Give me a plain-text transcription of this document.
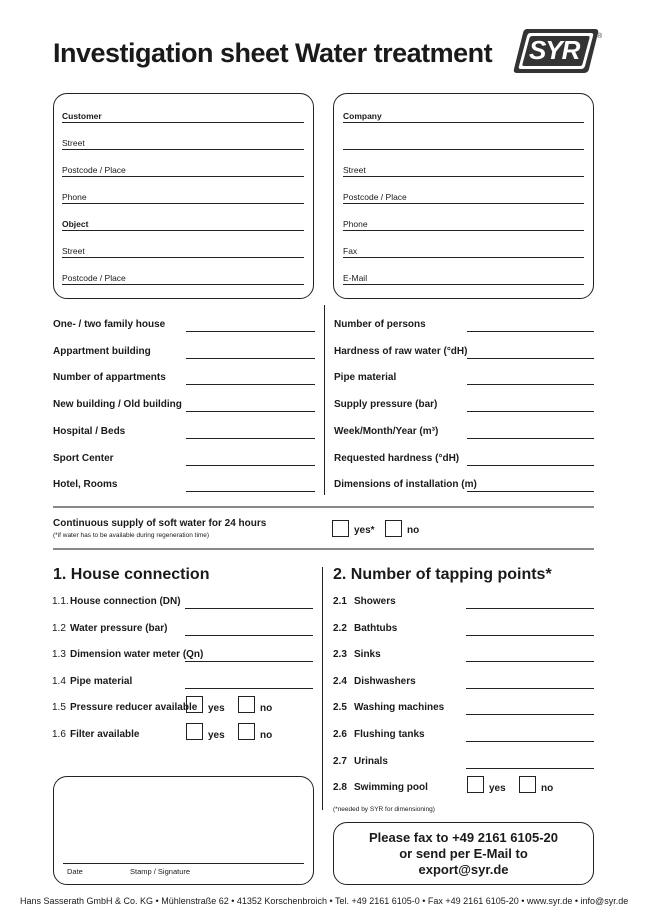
Investigation sheet Water treatment SYR	®
Customer
Street
Postcode / Place
Phone
Object
Street
Postcode / Place
Company
Street
Postcode / Place
Phone
Fax
E-Mail
One- / two family house
Appartment building
Number of appartments
New building / Old building
Hospital / Beds
Sport Center
Hotel, Rooms
Number of persons
Hardness of raw water (°dH)
Pipe material
Supply pressure (bar)
Week/Month/Year (m³)
Requested hardness (°dH)
Dimensions of installation (m)
Continuous supply of soft water for 24 hours
(*if water has to be available during regeneration time)	yes*	no
1. House connection	2. Number of tapping points*
1.1. House connection (DN)
1.2 Water pressure (bar)
1.3 Dimension water meter (Qn)
1.4 Pipe material
1.5 Pressure reducer available yes	no
1.6 Filter available	yes	no
2.1 Showers
2.2 Bathtubs
2.3 Sinks
2.4 Dishwashers
2.5 Washing machines
2.6 Flushing tanks
2.7 Urinals
2.8 Swimming pool	yes	no
(*needed by SYR for dimensioning)
Date	Stamp / Signature
Please fax to +49 2161 6105-20
or send per E-Mail to
export@syr.de
Hans Sasserath GmbH & Co. KG • Mühlenstraße 62 • 41352 Korschenbroich • Tel. +49 2161 6105-0 • Fax +49 2161 6105-20 • www.syr.de • info@syr.de
